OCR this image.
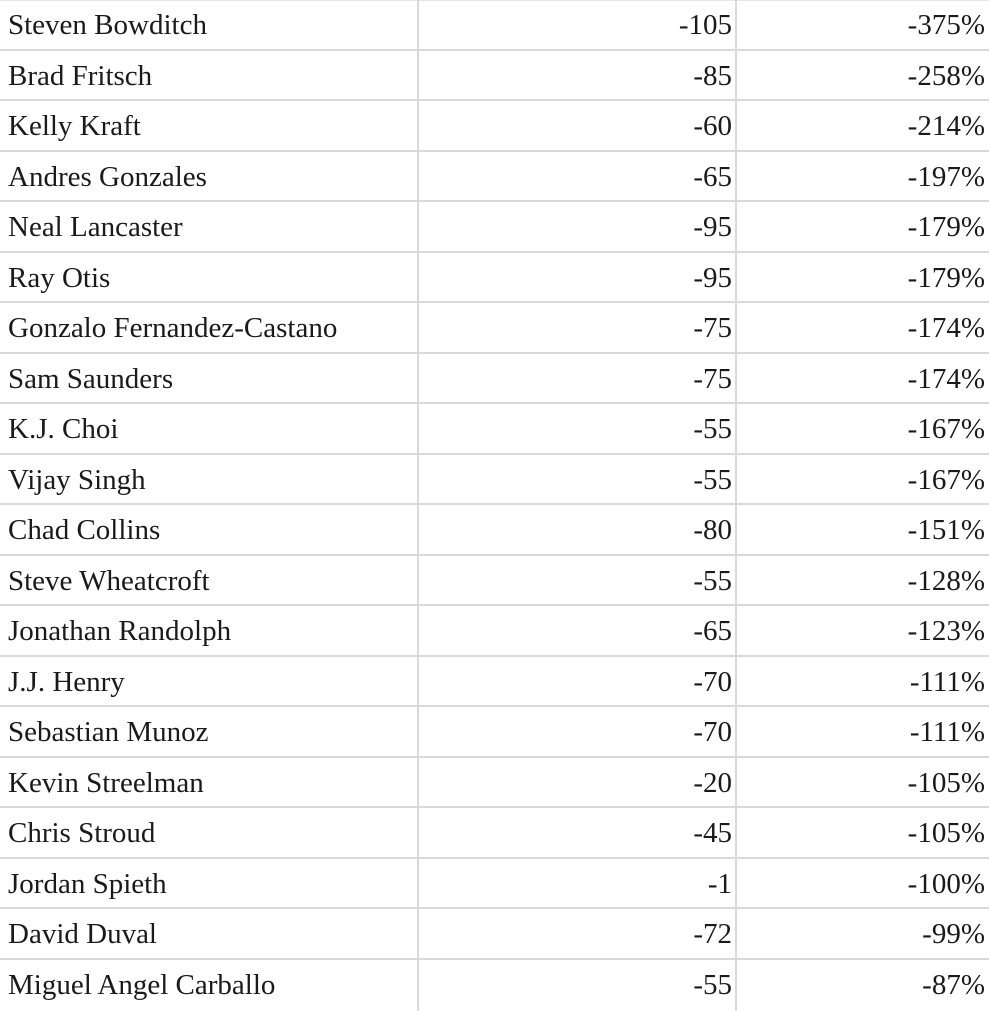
Steven Bowditch	-105	-375%
Brad Fritsch	-85	-258%
Kelly Kraft	-60	-214%
Andres Gonzales	-65	-197%
Neal Lancaster	-95	-179%
Ray Otis	-95	-179%
Gonzalo Fernandez-Castano	-75	-174%
Sam Saunders	-75	-174%
K.J. Choi	-55	-167%
Vijay Singh	-55	-167%
Chad Collins	-80	-151%
Steve Wheatcroft	-55	-128%
Jonathan Randolph	-65	-123%
J.J. Henry	-70	-111%
Sebastian Munoz	-70	-111%
Kevin Streelman	-20	-105%
Chris Stroud	-45	-105%
Jordan Spieth	-1	-100%
David Duval	-72	-99%
Miguel Angel Carballo	-55	-87%
